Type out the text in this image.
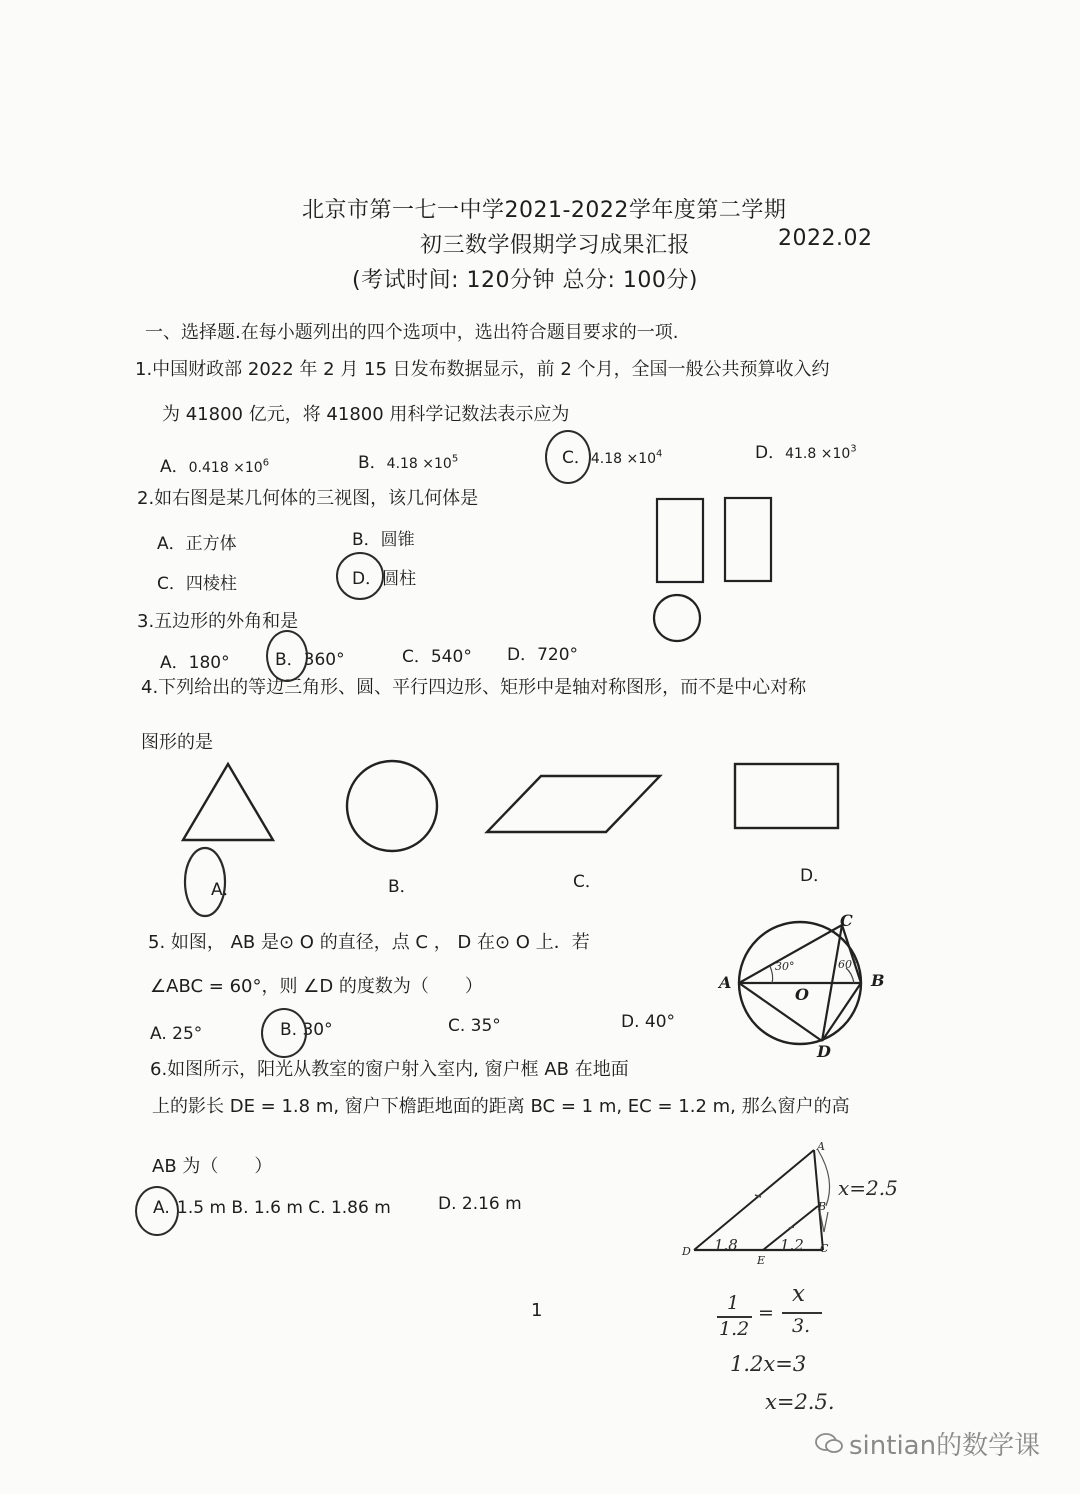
北京市第一七一中学2021-2022学年度第二学期
初三数学假期学习成果汇报	2022.02
(考试时间: 120分钟 总分: 100分)
一、选择题.在每小题列出的四个选项中，选出符合题目要求的一项.
1.中国财政部 2022 年 2 月 15 日发布数据显示，前 2 个月，全国一般公共预算收入约
为 41800 亿元，将 41800 用科学记数法表示应为
A．$0.418 \times 10^6$	B．$4.18 \times 10^5$	C．$4.18 \times 10^4$	D．$41.8 \times 10^3$
2.如右图是某几何体的三视图，该几何体是
A．正方体	B．圆锥
C．四棱柱	D．圆柱
3.五边形的外角和是
A．180°	B．360°	C．540° D．720°
4.下列给出的等边三角形、圆、平行四边形、矩形中是轴对称图形，而不是中心对称
图形的是
A．	B．	C．	D．
5. 如图， AB 是⊙ O 的直径，点 C ， D 在⊙ O 上．若
∠ABC = 60°，则 ∠D 的度数为（　　）
A. 25°	B. 30°	C. 35°	D. 40°
A	B
C
D
O
30°	60°
6.如图所示，阳光从教室的窗户射入室内, 窗户框 AB 在地面
上的影长 DE = 1.8 m, 窗户下檐距地面的距离 BC = 1 m, EC = 1.2 m, 那么窗户的高
AB 为（　　）
A. 1.5 m B. 1.6 m C. 1.86 m	D. 2.16 m
A
B
C
D
E
1.8	1.2
x=2.5
1
1.2
=
x
3.
1.2x=3
x=2.5.
1
sintian的数学课
